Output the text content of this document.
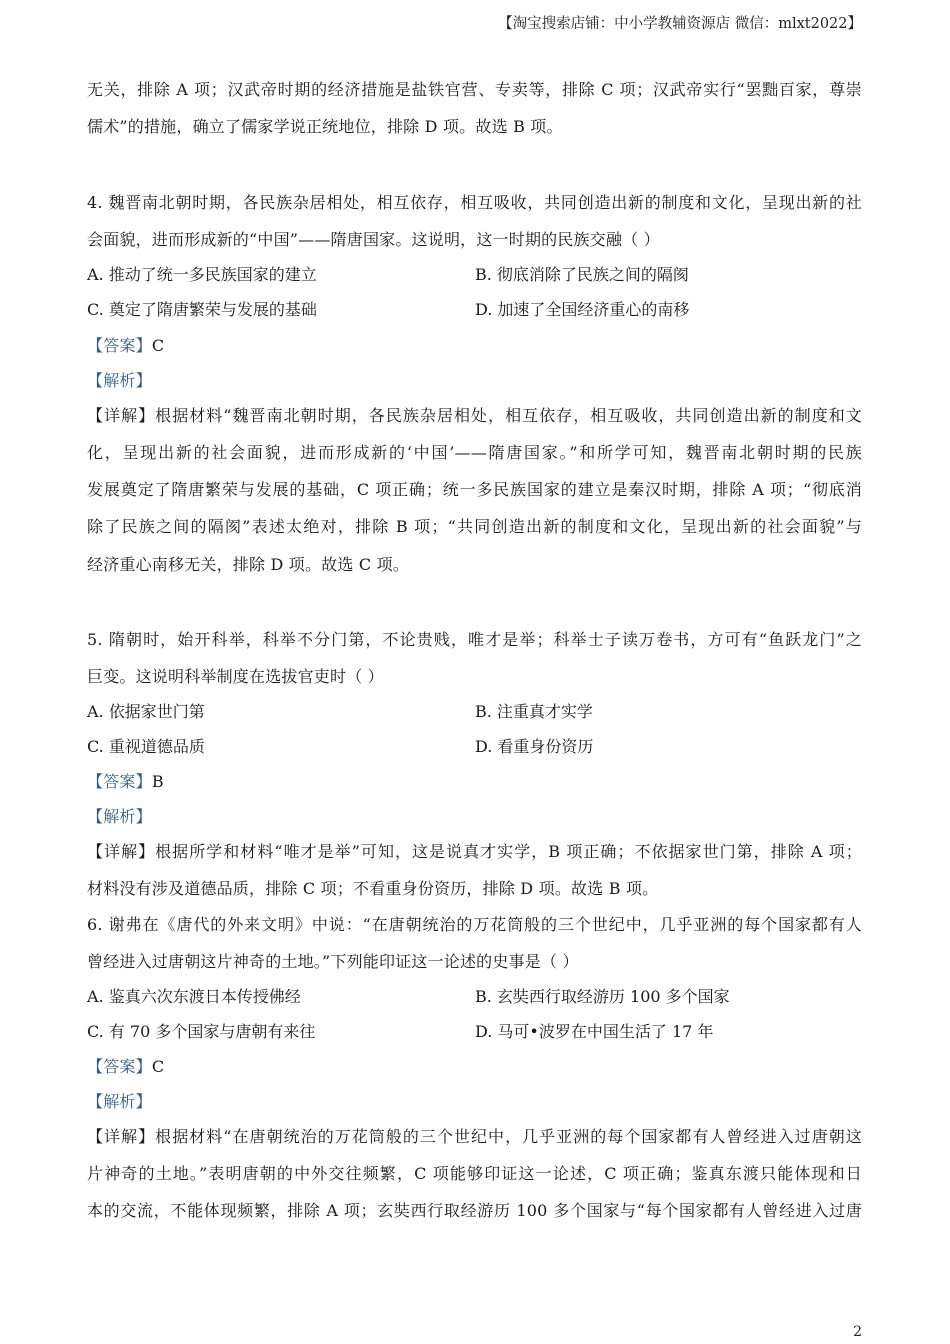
【淘宝搜索店铺：中小学教辅资源店 微信：mlxt2022】
无关，排除 A 项；汉武帝时期的经济措施是盐铁官营、专卖等，排除 C 项；汉武帝实行“罢黜百家，尊崇
儒术”的措施，确立了儒家学说正统地位，排除 D 项。故选 B 项。
4. 魏晋南北朝时期，各民族杂居相处，相互依存，相互吸收，共同创造出新的制度和文化，呈现出新的社
会面貌，进而形成新的“中国”——隋唐国家。这说明，这一时期的民族交融（ ）
A. 推动了统一多民族国家的建立	B. 彻底消除了民族之间的隔阂
C. 奠定了隋唐繁荣与发展的基础	D. 加速了全国经济重心的南移
【答案】C
【解析】
【详解】根据材料“魏晋南北朝时期，各民族杂居相处，相互依存，相互吸收，共同创造出新的制度和文
化，呈现出新的社会面貌，进而形成新的‘中国’——隋唐国家。”和所学可知，魏晋南北朝时期的民族
发展奠定了隋唐繁荣与发展的基础，C 项正确；统一多民族国家的建立是秦汉时期，排除 A 项；“彻底消
除了民族之间的隔阂”表述太绝对，排除 B 项；“共同创造出新的制度和文化，呈现出新的社会面貌”与
经济重心南移无关，排除 D 项。故选 C 项。
5. 隋朝时，始开科举，科举不分门第，不论贵贱，唯才是举；科举士子读万卷书，方可有“鱼跃龙门”之
巨变。这说明科举制度在选拔官吏时（ ）
A. 依据家世门第	B. 注重真才实学
C. 重视道德品质	D. 看重身份资历
【答案】B
【解析】
【详解】根据所学和材料“唯才是举”可知，这是说真才实学，B 项正确；不依据家世门第，排除 A 项；
材料没有涉及道德品质，排除 C 项；不看重身份资历，排除 D 项。故选 B 项。
6. 谢弗在《唐代的外来文明》中说：“在唐朝统治的万花筒般的三个世纪中，几乎亚洲的每个国家都有人
曾经进入过唐朝这片神奇的土地。”下列能印证这一论述的史事是（ ）
A. 鉴真六次东渡日本传授佛经	B. 玄奘西行取经游历 100 多个国家
C. 有 70 多个国家与唐朝有来往	D. 马可•波罗在中国生活了 17 年
【答案】C
【解析】
【详解】根据材料“在唐朝统治的万花筒般的三个世纪中，几乎亚洲的每个国家都有人曾经进入过唐朝这
片神奇的土地。”表明唐朝的中外交往频繁，C 项能够印证这一论述，C 项正确；鉴真东渡只能体现和日
本的交流，不能体现频繁，排除 A 项；玄奘西行取经游历 100 多个国家与“每个国家都有人曾经进入过唐
2
